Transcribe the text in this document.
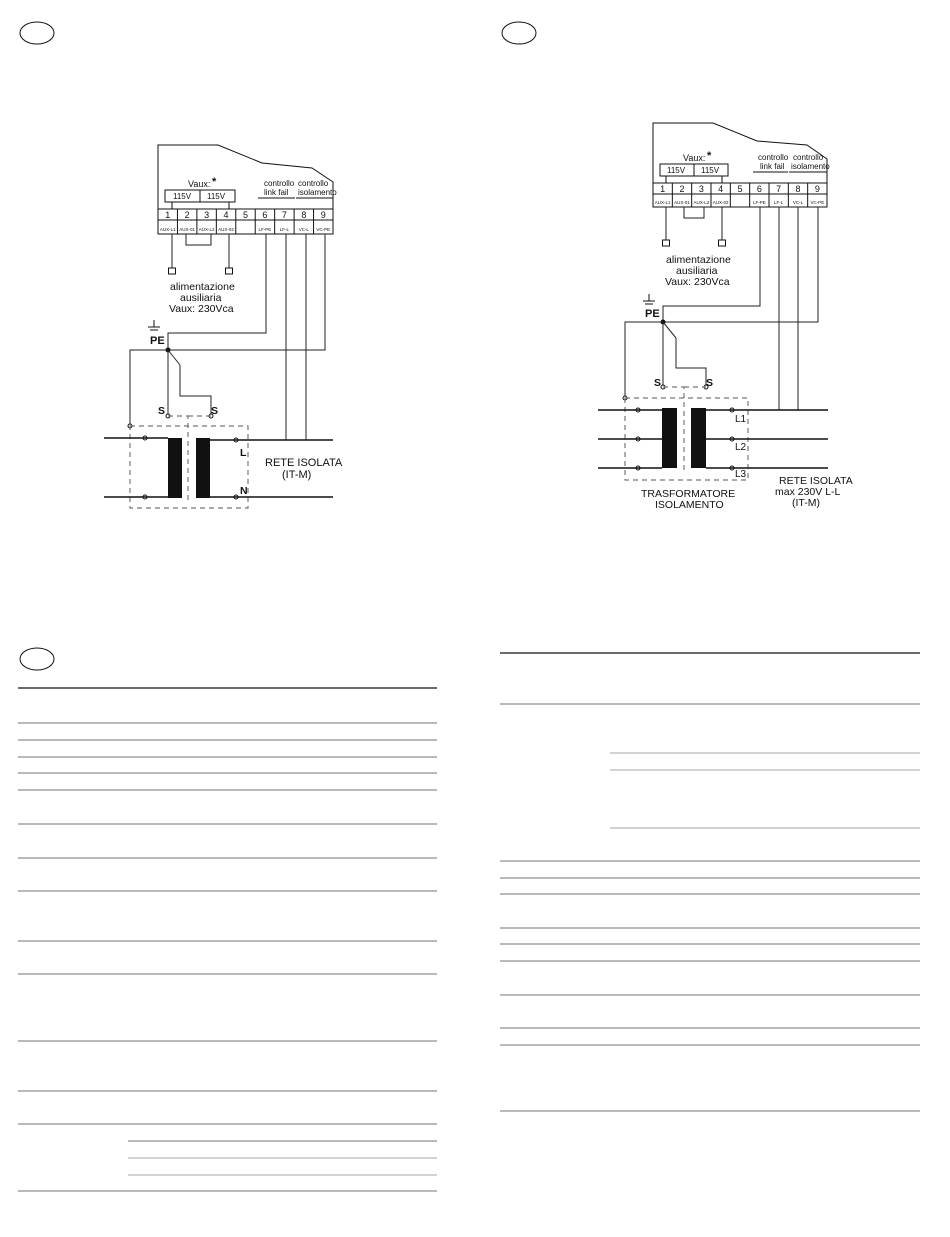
Vaux: *
115V 115V
controllo
link fail
controllo
isolamento
1
AUX-L1
2
AUX-01
3
AUX-L2
4
AUX-02
5 6
LF-PE
7
LF-L
8
VC-L
9
VC-PE
alimentazione
ausiliaria
Vaux: 230Vca
PE
S	S
L
N
RETE ISOLATA
(IT-M)
Vaux: *
115V 115V
controllo
link fail
controllo
isolamento
1
AUX-L1
2
AUX-01
3
AUX-L2
4
AUX-02
5 6
LF-PE
7
LF-L
8
VC-L
9
VC-PE
alimentazione
ausiliaria
Vaux: 230Vca
PE
S	S
L1
L2
L3
TRASFORMATORE
ISOLAMENTO
RETE ISOLATA
max 230V L-L
(IT-M)
